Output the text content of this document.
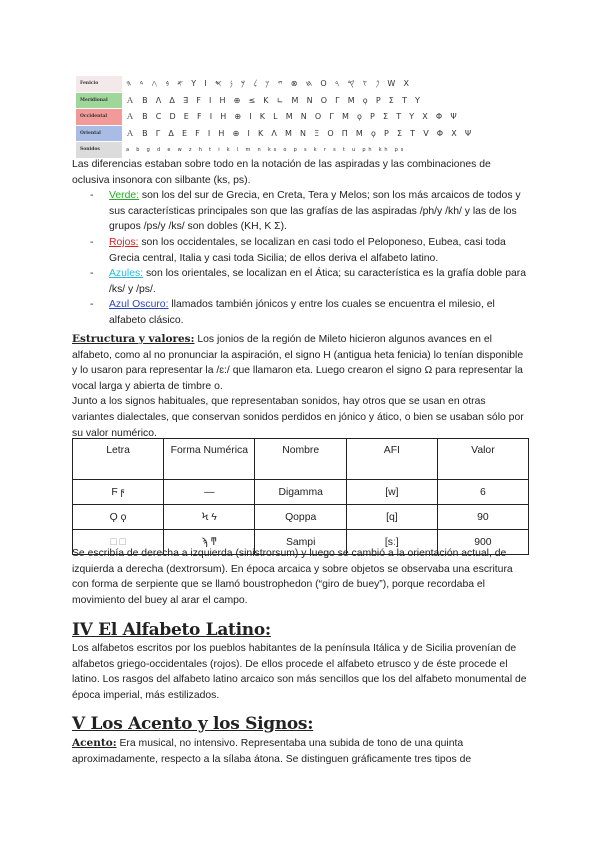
Fenicio	𐤀 𐤁 𐤂 𐤃 𐤄 Y I 𐤇 ⊗ 𐤉 𐤊 𐤋 𐤌 𐤍 𐤎 O 𐤐 𐤑 𐤒 𐤓 W X
Meridional	Ａ B Λ Δ ∃ F I H ⊕ ≤ K ∟ Μ Ν O Γ M ϙ P Σ T Y
Occidental	Ａ B C D E F I H ⊕ I K L M N O Γ M ϙ P Σ T Y X Φ Ψ
Oriental	Ａ B Γ Δ E F I H ⊕ I K Λ M N Ξ O Π M ϙ P Σ T V Φ X Ψ
Sonidos	a b g d e w z h t i k l m n ks o p s k r s t u ph kh ps

Las diferencias estaban sobre todo en la notación de las aspiradas y las combinaciones de oclusiva insonora con silbante (ks, ps).

- Verde: son los del sur de Grecia, en Creta, Tera y Melos; son los más arcaicos de todos y sus características principales son que las grafías de las aspiradas /ph/y /kh/ y las de los grupos /ps/y /ks/ son dobles (KH, K Σ).
- Rojos: son los occidentales, se localizan en casi todo el Peloponeso, Eubea, casi toda Grecia central, Italia y casi toda Sicilia; de ellos deriva el alfabeto latino.
- Azules: son los orientales, se localizan en el Ática; su característica es la grafía doble para /ks/ y /ps/.
- Azul Oscuro: llamados también jónicos y entre los cuales se encuentra el milesio, el alfabeto clásico.

Estructura y valores: Los jonios de la región de Mileto hicieron algunos avances en el alfabeto, como al no pronunciar la aspiración, el signo H (antigua heta fenicia) lo tenían disponible y lo usaron para representar la /ɛ:/ que llamaron eta. Luego crearon el signo Ω para representar la vocal larga y abierta de timbre o.

Junto a los signos habituales, que representaban sonidos, hay otros que se usan en otras variantes dialectales, que conservan sonidos perdidos en jónico y ático, o bien se usaban sólo por su valor numérico.

Letra	Forma Numérica	Nombre	AFI	Valor
Ϝ ϝ	—	Digamma	[w]	6
Ϙ ϙ	Ϟ ϟ	Qoppa	[q]	90
□ □	ϡ ͳ	Sampi	[sː]	900

Se escribía de derecha a izquierda (sinistrorsum) y luego se cambió a la orientación actual, de izquierda a derecha (dextrorsum). En época arcaica y sobre objetos se observaba una escritura con forma de serpiente que se llamó boustrophedon (“giro de buey”), porque recordaba el movimiento del buey al arar el campo.

IV El Alfabeto Latino:

Los alfabetos escritos por los pueblos habitantes de la península Itálica y de Sicilia provenían de alfabetos griego-occidentales (rojos). De ellos procede el alfabeto etrusco y de éste procede el latino. Los rasgos del alfabeto latino arcaico son más sencillos que los del alfabeto monumental de época imperial, más estilizados.

V Los Acento y los Signos:

Acento: Era musical, no intensivo. Representaba una subida de tono de una quinta aproximadamente, respecto a la sílaba átona. Se distinguen gráficamente tres tipos de
